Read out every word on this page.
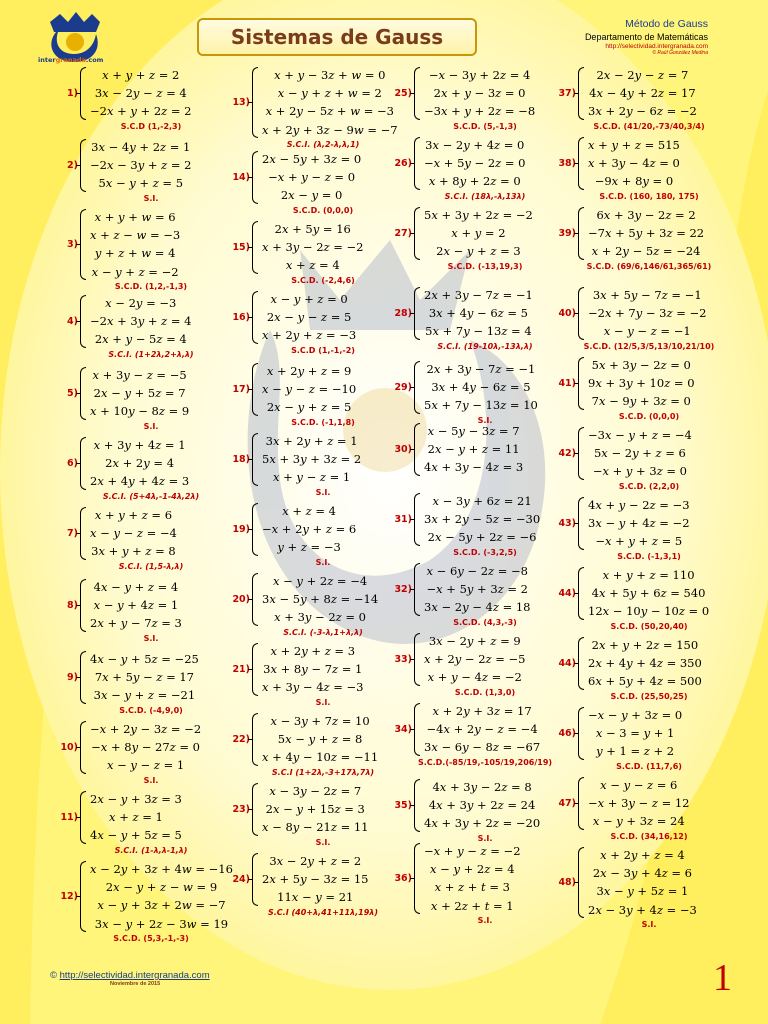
intergranada.com
Sistemas de Gauss
Método de Gauss
Departamento de Matemáticas
http://selectividad.intergranada.com
© Raúl González Medina
1)
x + y + z = 2
3x − 2y − z = 4
−2x + y + 2z = 2
S.C.D (1,-2,3)
2)
3x − 4y + 2z = 1
−2x − 3y + z = 2
5x − y + z = 5
S.I.
3)
x + y + w = 6
x + z − w = −3
y + z + w = 4
x − y + z = −2
S.C.D. (1,2,-1,3)
4)
x − 2y = −3
−2x + 3y + z = 4
2x + y − 5z = 4
S.C.I. (1+2λ,2+λ,λ)
5)
x + 3y − z = −5
2x − y + 5z = 7
x + 10y − 8z = 9
S.I.
6)
x + 3y + 4z = 1
2x + 2y = 4
2x + 4y + 4z = 3
S.C.I. (5+4λ,-1-4λ,2λ)
7)
x + y + z = 6
x − y − z = −4
3x + y + z = 8
S.C.I. (1,5-λ,λ)
8)
4x − y + z = 4
x − y + 4z = 1
2x + y − 7z = 3
S.I.
9)
4x − y + 5z = −25
7x + 5y − z = 17
3x − y + z = −21
S.C.D. (-4,9,0)
10)
−x + 2y − 3z = −2
−x + 8y − 27z = 0
x − y − z = 1
S.I.
11)
2x − y + 3z = 3
x + z = 1
4x − y + 5z = 5
S.C.I. (1-λ,λ-1,λ)
12)
x − 2y + 3z + 4w = −16
2x − y + z − w = 9
x − y + 3z + 2w = −7
3x − y + 2z − 3w = 19
S.C.D. (5,3,-1,-3)
13)
x + y − 3z + w = 0
x − y + z + w = 2
x + 2y − 5z + w = −3
x + 2y + 3z − 9w = −7
S.C.I. (λ,2-λ,λ,1)
14)
2x − 5y + 3z = 0
−x + y − z = 0
2x − y = 0
S.C.D. (0,0,0)
15)
2x + 5y = 16
x + 3y − 2z = −2
x + z = 4
S.C.D. (-2,4,6)
16)
x − y + z = 0
2x − y − z = 5
x + 2y + z = −3
S.C.D (1,-1,-2)
17)
x + 2y + z = 9
x − y − z = −10
2x − y + z = 5
S.C.D. (-1,1,8)
18)
3x + 2y + z = 1
5x + 3y + 3z = 2
x + y − z = 1
S.I.
19)
x + z = 4
−x + 2y + z = 6
y + z = −3
S.I.
20)
x − y + 2z = −4
3x − 5y + 8z = −14
x + 3y − 2z = 0
S.C.I. (-3-λ,1+λ,λ)
21)
x + 2y + z = 3
3x + 8y − 7z = 1
x + 3y − 4z = −3
S.I.
22)
x − 3y + 7z = 10
5x − y + z = 8
x + 4y − 10z = −11
S.C.I (1+2λ,-3+17λ,7λ)
23)
x − 3y − 2z = 7
2x − y + 15z = 3
x − 8y − 21z = 11
S.I.
24)
3x − 2y + z = 2
2x + 5y − 3z = 15
11x − y = 21
S.C.I (40+λ,41+11λ,19λ)
25)
−x − 3y + 2z = 4
2x + y − 3z = 0
−3x + y + 2z = −8
S.C.D. (5,-1,3)
26)
3x − 2y + 4z = 0
−x + 5y − 2z = 0
x + 8y + 2z = 0
S.C.I. (18λ,-λ,13λ)
27)
5x + 3y + 2z = −2
x + y = 2
2x − y + z = 3
S.C.D. (-13,19,3)
28)
2x + 3y − 7z = −1
3x + 4y − 6z = 5
5x + 7y − 13z = 4
S.C.I. (19-10λ,-13λ,λ)
29)
2x + 3y − 7z = −1
3x + 4y − 6z = 5
5x + 7y − 13z = 10
S.I.
30)
x − 5y − 3z = 7
2x − y + z = 11
4x + 3y − 4z = 3
31)
x − 3y + 6z = 21
3x + 2y − 5z = −30
2x − 5y + 2z = −6
S.C.D. (-3,2,5)
32)
x − 6y − 2z = −8
−x + 5y + 3z = 2
3x − 2y − 4z = 18
S.C.D. (4,3,-3)
33)
3x − 2y + z = 9
x + 2y − 2z = −5
x + y − 4z = −2
S.C.D. (1,3,0)
34)
x + 2y + 3z = 17
−4x + 2y − z = −4
3x − 6y − 8z = −67
S.C.D.(-85/19,-105/19,206/19)
35)
4x + 3y − 2z = 8
4x + 3y + 2z = 24
4x + 3y + 2z = −20
S.I.
36)
−x + y − z = −2
x − y + 2z = 4
x + z + t = 3
x + 2z + t = 1
S.I.
37)
2x − 2y − z = 7
4x − 4y + 2z = 17
3x + 2y − 6z = −2
S.C.D. (41/20,-73/40,3/4)
38)
x + y + z = 515
x + 3y − 4z = 0
−9x + 8y = 0
S.C.D. (160, 180, 175)
39)
6x + 3y − 2z = 2
−7x + 5y + 3z = 22
x + 2y − 5z = −24
S.C.D. (69/6,146/61,365/61)
40)
3x + 5y − 7z = −1
−2x + 7y − 3z = −2
x − y − z = −1
S.C.D. (12/5,3/5,13/10,21/10)
41)
5x + 3y − 2z = 0
9x + 3y + 10z = 0
7x − 9y + 3z = 0
S.C.D. (0,0,0)
42)
−3x − y + z = −4
5x − 2y + z = 6
−x + y + 3z = 0
S.C.D. (2,2,0)
43)
4x + y − 2z = −3
3x − y + 4z = −2
−x + y + z = 5
S.C.D. (-1,3,1)
44)
x + y + z = 110
4x + 5y + 6z = 540
12x − 10y − 10z = 0
S.C.D. (50,20,40)
44)
2x + y + 2z = 150
2x + 4y + 4z = 350
6x + 5y + 4z = 500
S.C.D. (25,50,25)
46)
−x − y + 3z = 0
x − 3 = y + 1
y + 1 = z + 2
S.C.D. (11,7,6)
47)
x − y − z = 6
−x + 3y − z = 12
x − y + 3z = 24
S.C.D. (34,16,12)
48)
x + 2y + z = 4
2x − 3y + 4z = 6
3x − y + 5z = 1
2x − 3y + 4z = −3
S.I.
© http://selectividad.intergranada.com
Noviembre de 2015	1
